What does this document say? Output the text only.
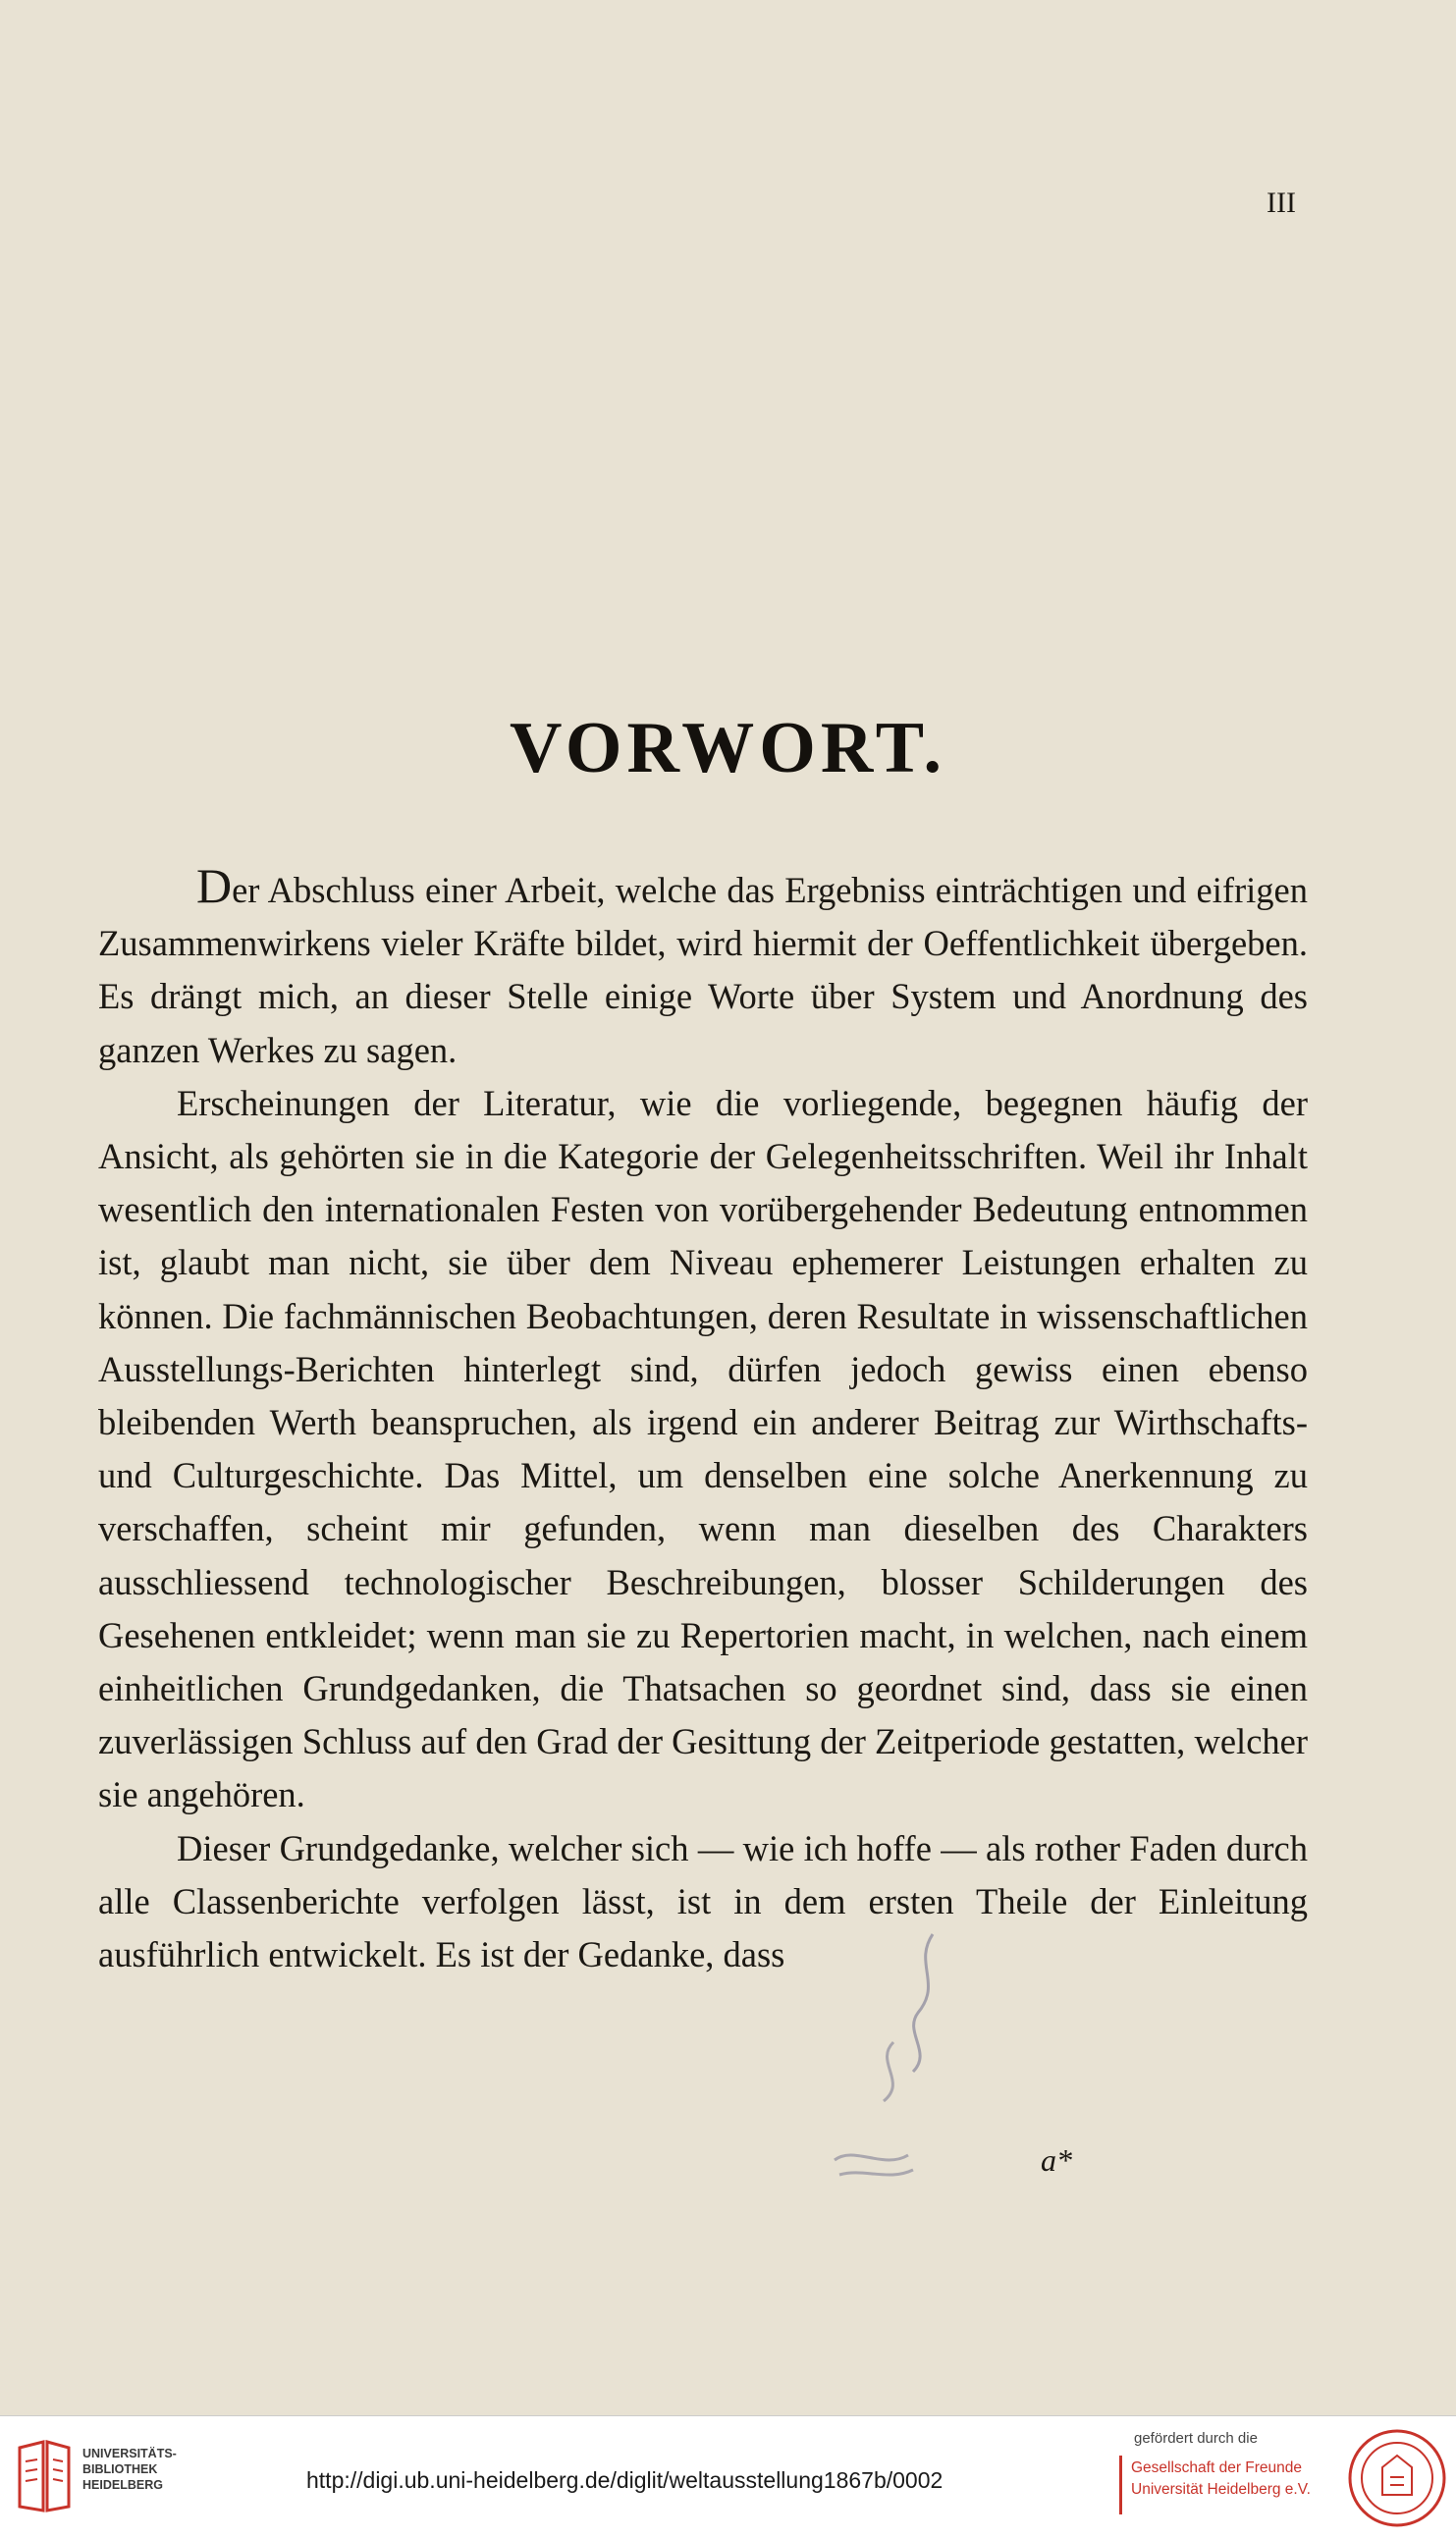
III
VORWORT.

Der Abschluss einer Arbeit, welche das Ergebniss einträchtigen und eifrigen Zusammenwirkens vieler Kräfte bildet, wird hiermit der Oeffentlichkeit übergeben. Es drängt mich, an dieser Stelle einige Worte über System und Anordnung des ganzen Werkes zu sagen.

Erscheinungen der Literatur, wie die vorliegende, begegnen häufig der Ansicht, als gehörten sie in die Kategorie der Gelegenheitsschriften. Weil ihr Inhalt wesentlich den internationalen Festen von vorübergehender Bedeutung entnommen ist, glaubt man nicht, sie über dem Niveau ephemerer Leistungen erhalten zu können. Die fachmännischen Beobachtungen, deren Resultate in wissenschaftlichen Ausstellungs-Berichten hinterlegt sind, dürfen jedoch gewiss einen ebenso bleibenden Werth beanspruchen, als irgend ein anderer Beitrag zur Wirthschafts- und Culturgeschichte. Das Mittel, um denselben eine solche Anerkennung zu verschaffen, scheint mir gefunden, wenn man dieselben des Charakters ausschliessend technologischer Beschreibungen, blosser Schilderungen des Gesehenen entkleidet; wenn man sie zu Repertorien macht, in welchen, nach einem einheitlichen Grundgedanken, die Thatsachen so geordnet sind, dass sie einen zuverlässigen Schluss auf den Grad der Gesittung der Zeitperiode gestatten, welcher sie angehören.

Dieser Grundgedanke, welcher sich — wie ich hoffe — als rother Faden durch alle Classenberichte verfolgen lässt, ist in dem ersten Theile der Einleitung ausführlich entwickelt. Es ist der Gedanke, dass

a*
UNIVERSITÄTS-
BIBLIOTHEK
HEIDELBERG	http://digi.ub.uni-heidelberg.de/diglit/weltausstellung1867b/0002
gefördert durch die
Gesellschaft der Freunde
Universität Heidelberg e.V.
